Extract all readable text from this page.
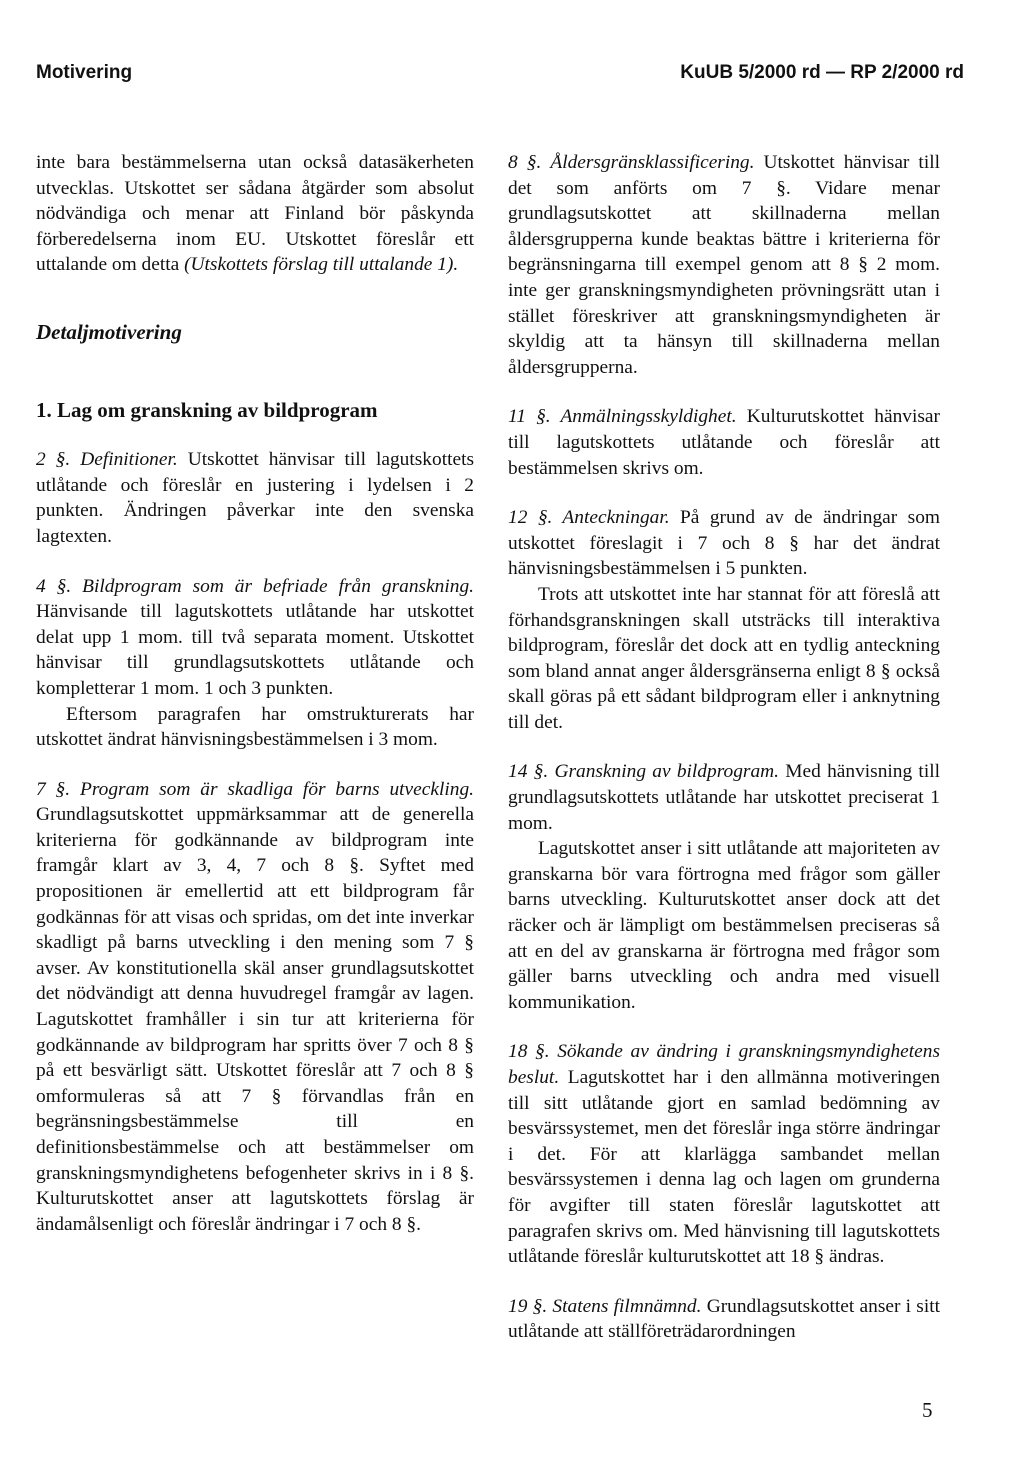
Motivering	KuUB 5/2000 rd — RP 2/2000 rd

inte bara bestämmelserna utan också datasäkerheten utvecklas. Utskottet ser sådana åtgärder som absolut nödvändiga och menar att Finland bör påskynda förberedelserna inom EU. Utskottet föreslår ett uttalande om detta (Utskottets förslag till uttalande 1).

Detaljmotivering
1. Lag om granskning av bildprogram

2 §. Definitioner. Utskottet hänvisar till lagutskottets utlåtande och föreslår en justering i lydelsen i 2 punkten. Ändringen påverkar inte den svenska lagtexten.

4 §. Bildprogram som är befriade från granskning. Hänvisande till lagutskottets utlåtande har utskottet delat upp 1 mom. till två separata moment. Utskottet hänvisar till grundlagsutskottets utlåtande och kompletterar 1 mom. 1 och 3 punkten.

Eftersom paragrafen har omstrukturerats har utskottet ändrat hänvisningsbestämmelsen i 3 mom.

7 §. Program som är skadliga för barns utveckling. Grundlagsutskottet uppmärksammar att de generella kriterierna för godkännande av bildprogram inte framgår klart av 3, 4, 7 och 8 §. Syftet med propositionen är emellertid att ett bildprogram får godkännas för att visas och spridas, om det inte inverkar skadligt på barns utveckling i den mening som 7 § avser. Av konstitutionella skäl anser grundlagsutskottet det nödvändigt att denna huvudregel framgår av lagen. Lagutskottet framhåller i sin tur att kriterierna för godkännande av bildprogram har spritts över 7 och 8 § på ett besvärligt sätt. Utskottet föreslår att 7 och 8 § omformuleras så att 7 § förvandlas från en begränsningsbestämmelse till en definitionsbestämmelse och att bestämmelser om granskningsmyndighetens befogenheter skrivs in i 8 §. Kulturutskottet anser att lagutskottets förslag är ändamålsenligt och föreslår ändringar i 7 och 8 §.

8 §. Åldersgränsklassificering. Utskottet hänvisar till det som anförts om 7 §. Vidare menar grundlagsutskottet att skillnaderna mellan åldersgrupperna kunde beaktas bättre i kriterierna för begränsningarna till exempel genom att 8 § 2 mom. inte ger granskningsmyndigheten prövningsrätt utan i stället föreskriver att granskningsmyndigheten är skyldig att ta hänsyn till skillnaderna mellan åldersgrupperna.

11 §. Anmälningsskyldighet. Kulturutskottet hänvisar till lagutskottets utlåtande och föreslår att bestämmelsen skrivs om.

12 §. Anteckningar. På grund av de ändringar som utskottet föreslagit i 7 och 8 § har det ändrat hänvisningsbestämmelsen i 5 punkten.

Trots att utskottet inte har stannat för att föreslå att förhandsgranskningen skall utsträcks till interaktiva bildprogram, föreslår det dock att en tydlig anteckning som bland annat anger åldersgränserna enligt 8 § också skall göras på ett sådant bildprogram eller i anknytning till det.

14 §. Granskning av bildprogram. Med hänvisning till grundlagsutskottets utlåtande har utskottet preciserat 1 mom.

Lagutskottet anser i sitt utlåtande att majoriteten av granskarna bör vara förtrogna med frågor som gäller barns utveckling. Kulturutskottet anser dock att det räcker och är lämpligt om bestämmelsen preciseras så att en del av granskarna är förtrogna med frågor som gäller barns utveckling och andra med visuell kommunikation.

18 §. Sökande av ändring i granskningsmyndighetens beslut. Lagutskottet har i den allmänna motiveringen till sitt utlåtande gjort en samlad bedömning av besvärssystemet, men det föreslår inga större ändringar i det. För att klarlägga sambandet mellan besvärssystemen i denna lag och lagen om grunderna för avgifter till staten föreslår lagutskottet att paragrafen skrivs om. Med hänvisning till lagutskottets utlåtande föreslår kulturutskottet att 18 § ändras.

19 §. Statens filmnämnd. Grundlagsutskottet anser i sitt utlåtande att ställföreträdarordningen

5
